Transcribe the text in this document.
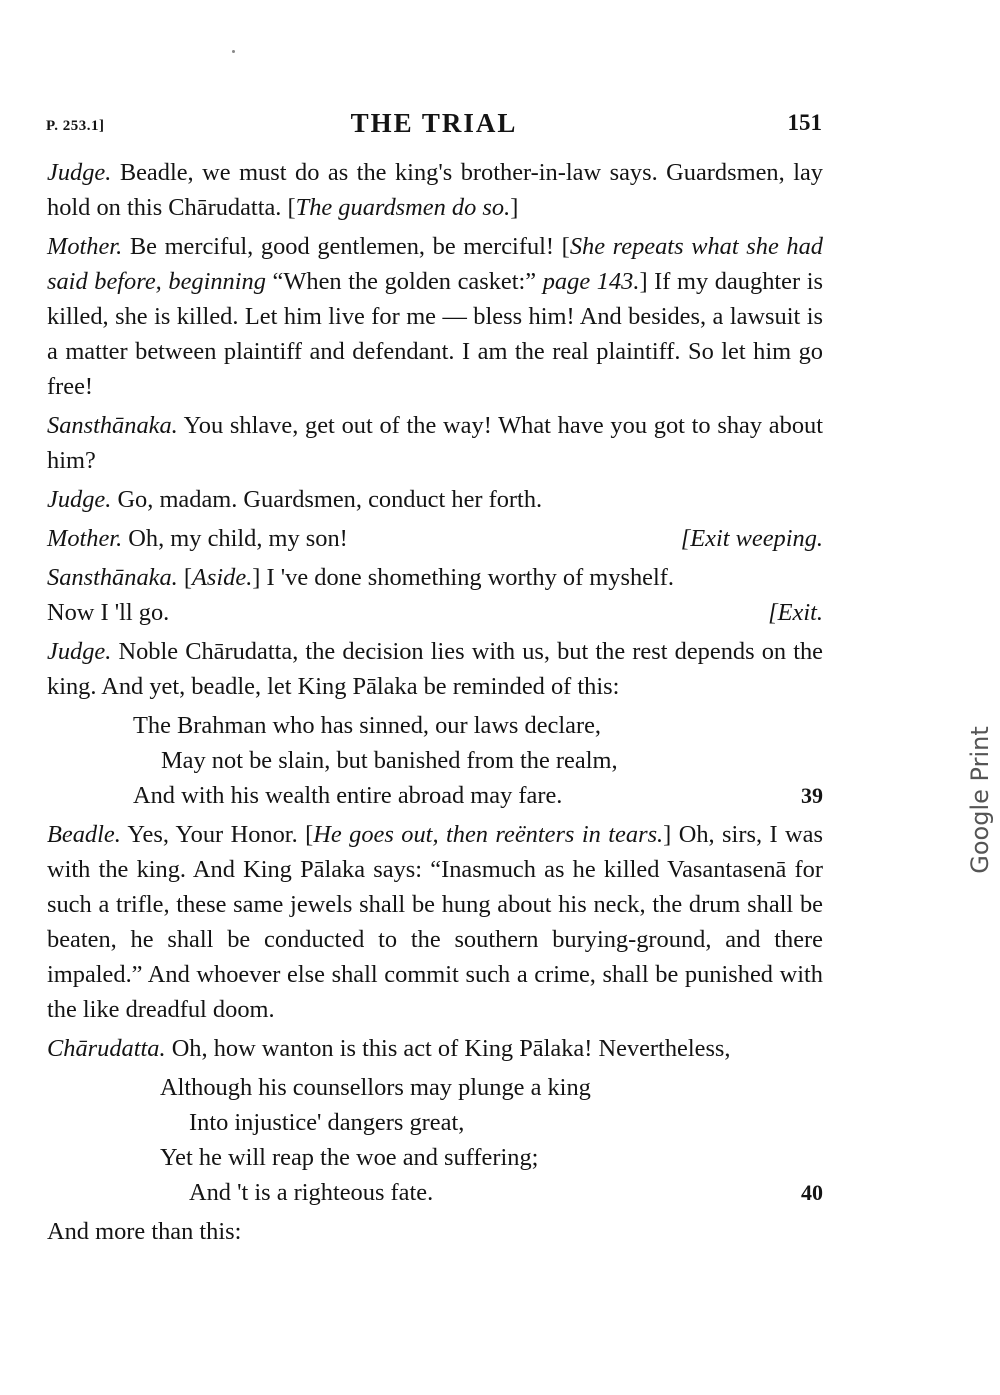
P. 253.1]	THE TRIAL	151
Judge. Beadle, we must do as the king's brother-in-law says. Guardsmen, lay hold on this Chārudatta. [The guardsmen do so.]
Mother. Be merciful, good gentlemen, be merciful! [She repeats what she had said before, beginning “When the golden casket:” page 143.] If my daughter is killed, she is killed. Let him live for me — bless him! And besides, a lawsuit is a matter between plaintiff and defendant. I am the real plaintiff. So let him go free!
Sansthānaka. You shlave, get out of the way! What have you got to shay about him?
Judge. Go, madam. Guardsmen, conduct her forth.
Mother. Oh, my child, my son!	[Exit weeping.
Sansthānaka. [Aside.] I 've done shomething worthy of myshelf.
Now I 'll go.	[Exit.
Judge. Noble Chārudatta, the decision lies with us, but the rest depends on the king. And yet, beadle, let King Pālaka be reminded of this:
The Brahman who has sinned, our laws declare,
May not be slain, but banished from the realm,
And with his wealth entire abroad may fare.	39
Beadle. Yes, Your Honor. [He goes out, then reënters in tears.] Oh, sirs, I was with the king. And King Pālaka says: “Inasmuch as he killed Vasantasenā for such a trifle, these same jewels shall be hung about his neck, the drum shall be beaten, he shall be conducted to the southern burying-ground, and there impaled.” And whoever else shall commit such a crime, shall be punished with the like dreadful doom.
Chārudatta. Oh, how wanton is this act of King Pālaka! Nevertheless,
Although his counsellors may plunge a king
Into injustice' dangers great,
Yet he will reap the woe and suffering;
And 't is a righteous fate.	40
And more than this:
Google Print
